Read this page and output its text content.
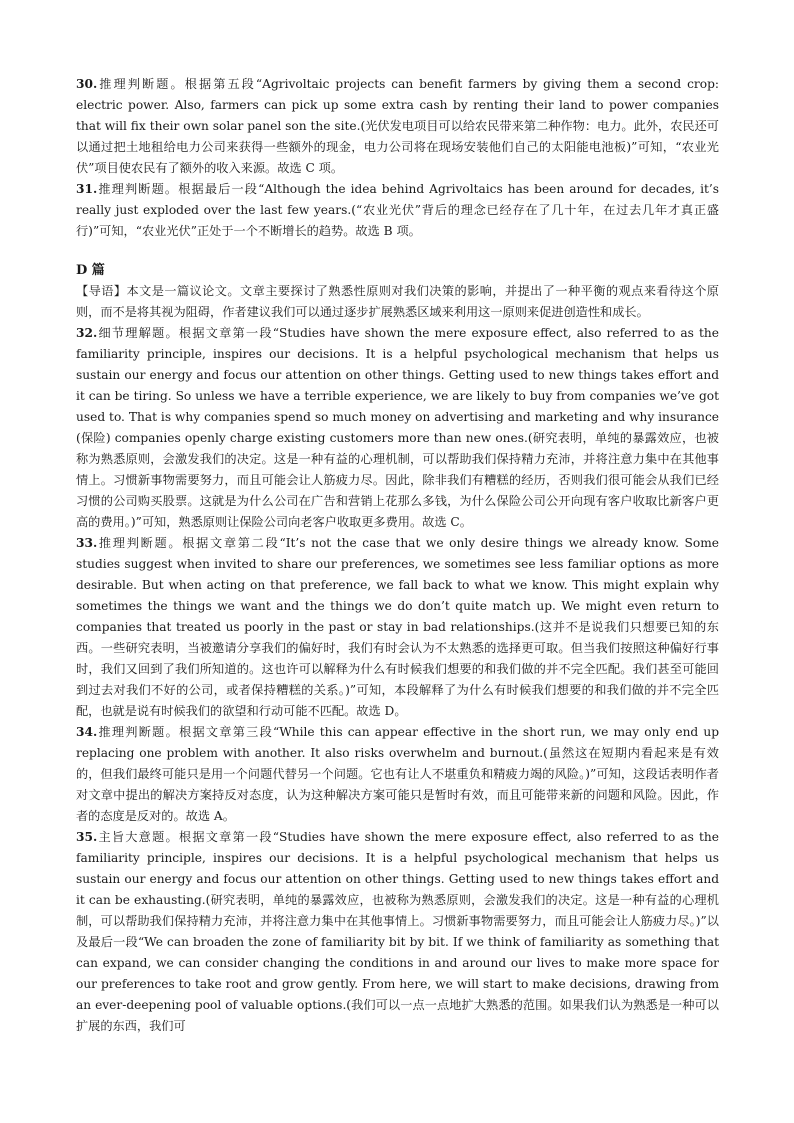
30.推理判断题。根据第五段“Agrivoltaic projects can benefit farmers by giving them a second crop: electric power. Also, farmers can pick up some extra cash by renting their land to power companies that will fix their own solar panel son the site.(光伏发电项目可以给农民带来第二种作物：电力。此外，农民还可以通过把土地租给电力公司来获得一些额外的现金，电力公司将在现场安装他们自己的太阳能电池板)”可知，“农业光伏”项目使农民有了额外的收入来源。故选 C 项。

31.推理判断题。根据最后一段“Although the idea behind Agrivoltaics has been around for decades, it’s really just exploded over the last few years.(“农业光伏”背后的理念已经存在了几十年，在过去几年才真正盛行)”可知，“农业光伏”正处于一个不断增长的趋势。故选 B 项。

D 篇

【导语】本文是一篇议论文。文章主要探讨了熟悉性原则对我们决策的影响，并提出了一种平衡的观点来看待这个原则，而不是将其视为阻碍，作者建议我们可以通过逐步扩展熟悉区域来利用这一原则来促进创造性和成长。

32.细节理解题。根据文章第一段“Studies have shown the mere exposure effect, also referred to as the familiarity principle, inspires our decisions. It is a helpful psychological mechanism that helps us sustain our energy and focus our attention on other things. Getting used to new things takes effort and it can be tiring. So unless we have a terrible experience, we are likely to buy from companies we’ve got used to. That is why companies spend so much money on advertising and marketing and why insurance (保险) companies openly charge existing customers more than new ones.(研究表明，单纯的暴露效应，也被称为熟悉原则，会激发我们的决定。这是一种有益的心理机制，可以帮助我们保持精力充沛，并将注意力集中在其他事情上。习惯新事物需要努力，而且可能会让人筋疲力尽。因此，除非我们有糟糕的经历，否则我们很可能会从我们已经习惯的公司购买股票。这就是为什么公司在广告和营销上花那么多钱，为什么保险公司公开向现有客户收取比新客户更高的费用。)”可知，熟悉原则让保险公司向老客户收取更多费用。故选 C。

33.推理判断题。根据文章第二段“It’s not the case that we only desire things we already know. Some studies suggest when invited to share our preferences, we sometimes see less familiar options as more desirable. But when acting on that preference, we fall back to what we know. This might explain why sometimes the things we want and the things we do don’t quite match up. We might even return to companies that treated us poorly in the past or stay in bad relationships.(这并不是说我们只想要已知的东西。一些研究表明，当被邀请分享我们的偏好时，我们有时会认为不太熟悉的选择更可取。但当我们按照这种偏好行事时，我们又回到了我们所知道的。这也许可以解释为什么有时候我们想要的和我们做的并不完全匹配。我们甚至可能回到过去对我们不好的公司，或者保持糟糕的关系。)”可知，本段解释了为什么有时候我们想要的和我们做的并不完全匹配，也就是说有时候我们的欲望和行动可能不匹配。故选 D。

34.推理判断题。根据文章第三段“While this can appear effective in the short run, we may only end up replacing one problem with another. It also risks overwhelm and burnout.(虽然这在短期内看起来是有效的，但我们最终可能只是用一个问题代替另一个问题。它也有让人不堪重负和精疲力竭的风险。)”可知，这段话表明作者对文章中提出的解决方案持反对态度，认为这种解决方案可能只是暂时有效，而且可能带来新的问题和风险。因此，作者的态度是反对的。故选 A。

35.主旨大意题。根据文章第一段“Studies have shown the mere exposure effect, also referred to as the familiarity principle, inspires our decisions. It is a helpful psychological mechanism that helps us sustain our energy and focus our attention on other things. Getting used to new things takes effort and it can be exhausting.(研究表明，单纯的暴露效应，也被称为熟悉原则，会激发我们的决定。这是一种有益的心理机制，可以帮助我们保持精力充沛，并将注意力集中在其他事情上。习惯新事物需要努力，而且可能会让人筋疲力尽。)”以及最后一段“We can broaden the zone of familiarity bit by bit. If we think of familiarity as something that can expand, we can consider changing the conditions in and around our lives to make more space for our preferences to take root and grow gently. From here, we will start to make decisions, drawing from an ever-deepening pool of valuable options.(我们可以一点一点地扩大熟悉的范围。如果我们认为熟悉是一种可以扩展的东西，我们可
